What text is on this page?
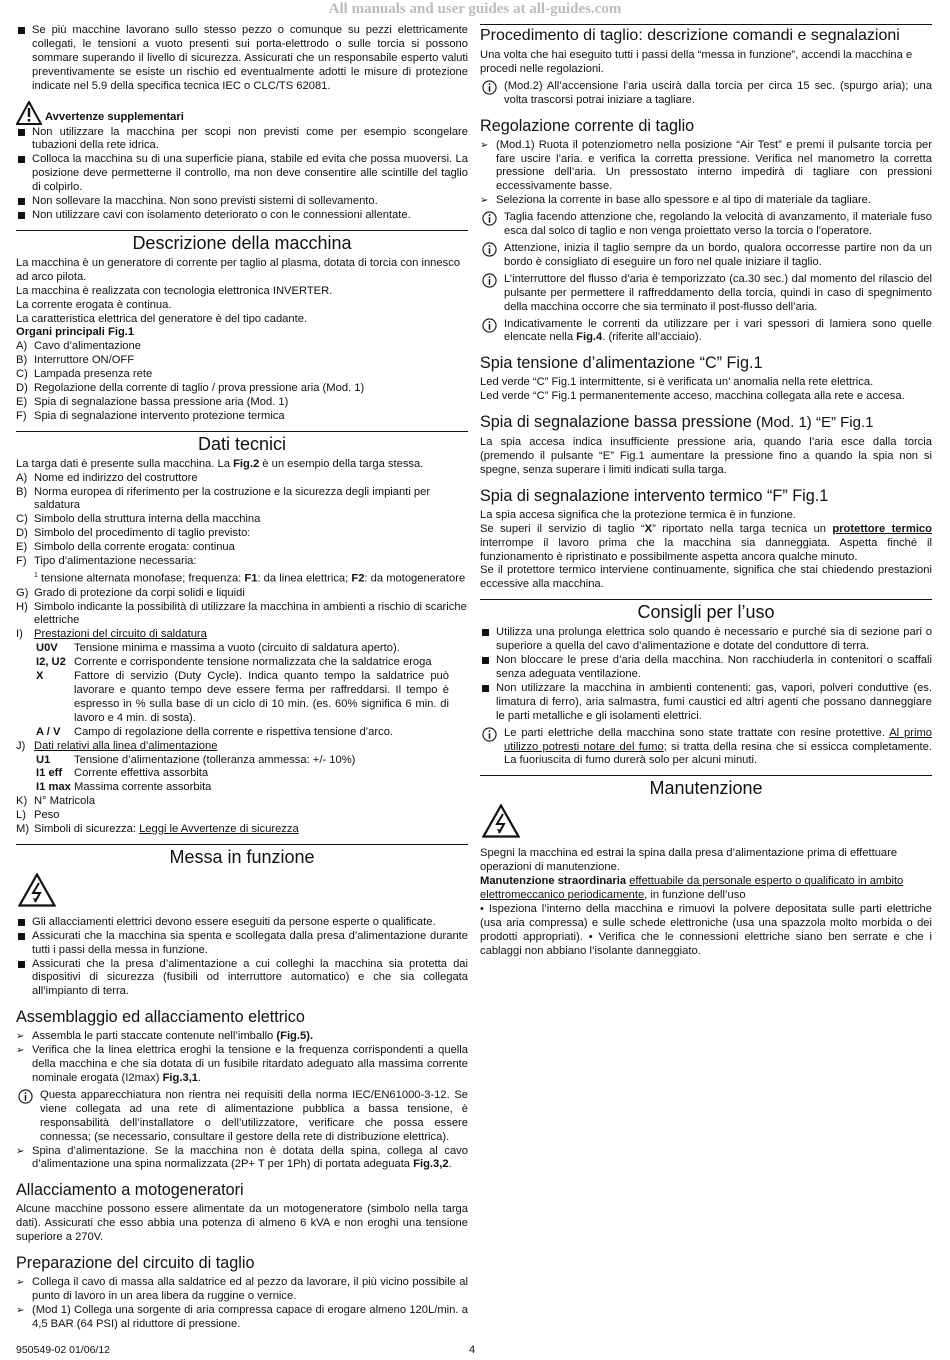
All manuals and user guides at all-guides.com

Se più macchine lavorano sullo stesso pezzo o comunque su pezzi elettricamente collegati, le tensioni a vuoto presenti sui porta-elettrodo o sulle torcia si possono sommare superando il livello di sicurezza. Assicurati che un responsabile esperto valuti preventivamente se esiste un rischio ed eventualmente adotti le misure di protezione indicate nel 5.9 della specifica tecnica IEC o CLC/TS 62081.

Avvertenze supplementari

Non utilizzare la macchina per scopi non previsti come per esempio scongelare tubazioni della rete idrica.

Colloca la macchina su di una superficie piana, stabile ed evita che possa muoversi. La posizione deve permetterne il controllo, ma non deve consentire alle scintille del taglio di colpirlo.

Non sollevare la macchina. Non sono previsti sistemi di sollevamento.

Non utilizzare cavi con isolamento deteriorato o con le connessioni allentate.

Descrizione della macchina

La macchina è un generatore di corrente per taglio al plasma, dotata di torcia con innesco ad arco pilota.

La macchina è realizzata con tecnologia elettronica INVERTER.

La corrente erogata è continua.

La caratteristica elettrica del generatore è del tipo cadante.

Organi principali Fig.1

A) Cavo d’alimentazione

B) Interruttore ON/OFF

C) Lampada presenza rete

D) Regolazione della corrente di taglio / prova pressione aria (Mod. 1)

E) Spia di segnalazione bassa pressione aria (Mod. 1)

F) Spia di segnalazione intervento protezione termica

Dati tecnici

La targa dati è presente sulla macchina. La Fig.2 è un esempio della targa stessa.

A) Nome ed indirizzo del costruttore

B) Norma europea di riferimento per la costruzione e la sicurezza degli impianti per saldatura

C) Simbolo della struttura interna della macchina

D) Simbolo del procedimento di taglio previsto:

E) Simbolo della corrente erogata: continua

F) Tipo d’alimentazione necessaria:
$^1$ tensione alternata monofase; frequenza: F1: da linea elettrica; F2: da motogeneratore

G) Grado di protezione da corpi solidi e liquidi

H) Simbolo indicante la possibilità di utilizzare la macchina in ambienti a rischio di scariche elettriche

I) Prestazioni del circuito di saldatura

U0V Tensione minima e massima a vuoto (circuito di saldatura aperto).
I2, U2 Corrente e corrispondente tensione normalizzata che la saldatrice eroga
X	Fattore di servizio (Duty Cycle). Indica quanto tempo la saldatrice può lavorare e quanto tempo deve essere ferma per raffreddarsi. Il tempo è espresso in % sulla base di un ciclo di 10 min. (es. 60% significa 6 min. di lavoro e 4 min. di sosta).
A / V Campo di regolazione della corrente e rispettiva tensione d’arco.

J) Dati relativi alla linea d’alimentazione

U1 Tensione d’alimentazione (tolleranza ammessa: +/- 10%)
I1 eff Corrente effettiva assorbita
I1 max Massima corrente assorbita

K) N° Matricola

L) Peso

M) Simboli di sicurezza: Leggi le Avvertenze di sicurezza

Messa in funzione

Gli allacciamenti elettrici devono essere eseguiti da persone esperte o qualificate.

Assicurati che la macchina sia spenta e scollegata dalla presa d’alimentazione durante tutti i passi della messa in funzione.

Assicurati che la presa d’alimentazione a cui colleghi la macchina sia protetta dai dispositivi di sicurezza (fusibili od interruttore automatico) e che sia collegata all’impianto di terra.

Assemblaggio ed allacciamento elettrico

➢ Assembla le parti staccate contenute nell’imballo (Fig.5).

➢ Verifica che la linea elettrica eroghi la tensione e la frequenza corrispondenti a quella della macchina e che sia dotata di un fusibile ritardato adeguato alla massima corrente nominale erogata (I2max) Fig.3,1.

Questa apparecchiatura non rientra nei requisiti della norma IEC/EN61000-3-12. Se viene collegata ad una rete di alimentazione pubblica a bassa tensione, è responsabilità dell’installatore o dell’utilizzatore, verificare che possa essere connessa; (se necessario, consultare il gestore della rete di distribuzione elettrica).

➢ Spina d’alimentazione. Se la macchina non è dotata della spina, collega al cavo d’alimentazione una spina normalizzata (2P+ T per 1Ph) di portata adeguata Fig.3,2.

Allacciamento a motogeneratori

Alcune macchine possono essere alimentate da un motogeneratore (simbolo nella targa dati). Assicurati che esso abbia una potenza di almeno 6 kVA e non eroghi una tensione superiore a 270V.

Preparazione del circuito di taglio

➢ Collega il cavo di massa alla saldatrice ed al pezzo da lavorare, il più vicino possibile al punto di lavoro in un area libera da ruggine o vernice.

➢ (Mod 1) Collega una sorgente di aria compressa capace di erogare almeno 120L/min. a 4,5 BAR (64 PSI) al riduttore di pressione.

Procedimento di taglio: descrizione comandi e segnalazioni

Una volta che hai eseguito tutti i passi della “messa in funzione”, accendi la macchina e procedi nelle regolazioni.

(Mod.2) All’accensione l’aria uscirà dalla torcia per circa 15 sec. (spurgo aria); una volta trascorsi potrai iniziare a tagliare.
Regolazione corrente di taglio

➢ (Mod.1) Ruota il potenziometro nella posizione “Air Test” e premi il pulsante torcia per fare uscire l’aria. e verifica la corretta pressione. Verifica nel manometro la corretta pressione dell’aria. Un pressostato interno impedirà di tagliare con pressioni eccessivamente basse.

➢ Seleziona la corrente in base allo spessore e al tipo di materiale da tagliare.

Taglia facendo attenzione che, regolando la velocità di avanzamento, il materiale fuso esca dal solco di taglio e non venga proiettato verso la torcia o l’operatore.
Attenzione, inizia il taglio sempre da un bordo, qualora occorresse partire non da un bordo è consigliato di eseguire un foro nel quale iniziare il taglio.
L’interruttore del flusso d’aria è temporizzato (ca.30 sec.) dal momento del rilascio del pulsante per permettere il raffreddamento della torcia, quindi in caso di spegnimento della macchina occorre che sia terminato il post-flusso dell’aria.
Indicativamente le correnti da utilizzare per i vari spessori di lamiera sono quelle elencate nella Fig.4. (riferite all’acciaio).
Spia tensione d’alimentazione “C” Fig.1

Led verde “C” Fig.1 intermittente, si è verificata un’ anomalia nella rete elettrica.

Led verde “C” Fig.1 permanentemente acceso, macchina collegata alla rete e accesa.

Spia di segnalazione bassa pressione (Mod. 1) “E” Fig.1

La spia accesa indica insufficiente pressione aria, quando l’aria esce dalla torcia (premendo il pulsante “E” Fig.1 aumentare la pressione fino a quando la spia non si spegne, senza superare i limiti indicati sulla targa.

Spia di segnalazione intervento termico “F” Fig.1

La spia accesa significa che la protezione termica è in funzione.

Se superi il servizio di taglio “X” riportato nella targa tecnica un protettore termico interrompe il lavoro prima che la macchina sia danneggiata. Aspetta finché il funzionamento è ripristinato e possibilmente aspetta ancora qualche minuto.

Se il protettore termico interviene continuamente, significa che stai chiedendo prestazioni eccessive alla macchina.

Consigli per l’uso

Utilizza una prolunga elettrica solo quando è necessario e purché sia di sezione pari o superiore a quella del cavo d’alimentazione e dotate del conduttore di terra.

Non bloccare le prese d’aria della macchina. Non racchiuderla in contenitori o scaffali senza adeguata ventilazione.

Non utilizzare la macchina in ambienti contenenti: gas, vapori, polveri conduttive (es. limatura di ferro), aria salmastra, fumi caustici ed altri agenti che possano danneggiare le parti metalliche e gli isolamenti elettrici.

Le parti elettriche della macchina sono state trattate con resine protettive. Al primo utilizzo potresti notare del fumo; si tratta della resina che si essicca completamente. La fuoriuscita di fumo durerà solo per alcuni minuti.
Manutenzione

Spegni la macchina ed estrai la spina dalla presa d’alimentazione prima di effettuare operazioni di manutenzione.

Manutenzione straordinaria effettuabile da personale esperto o qualificato in ambito elettromeccanico periodicamente, in funzione dell’uso

• Ispeziona l’interno della macchina e rimuovi la polvere depositata sulle parti elettriche (usa aria compressa) e sulle schede elettroniche (usa una spazzola molto morbida o dei prodotti appropriati). • Verifica che le connessioni elettriche siano ben serrate e che i cablaggi non abbiano l’isolante danneggiato.

950549-02 01/06/12	4
